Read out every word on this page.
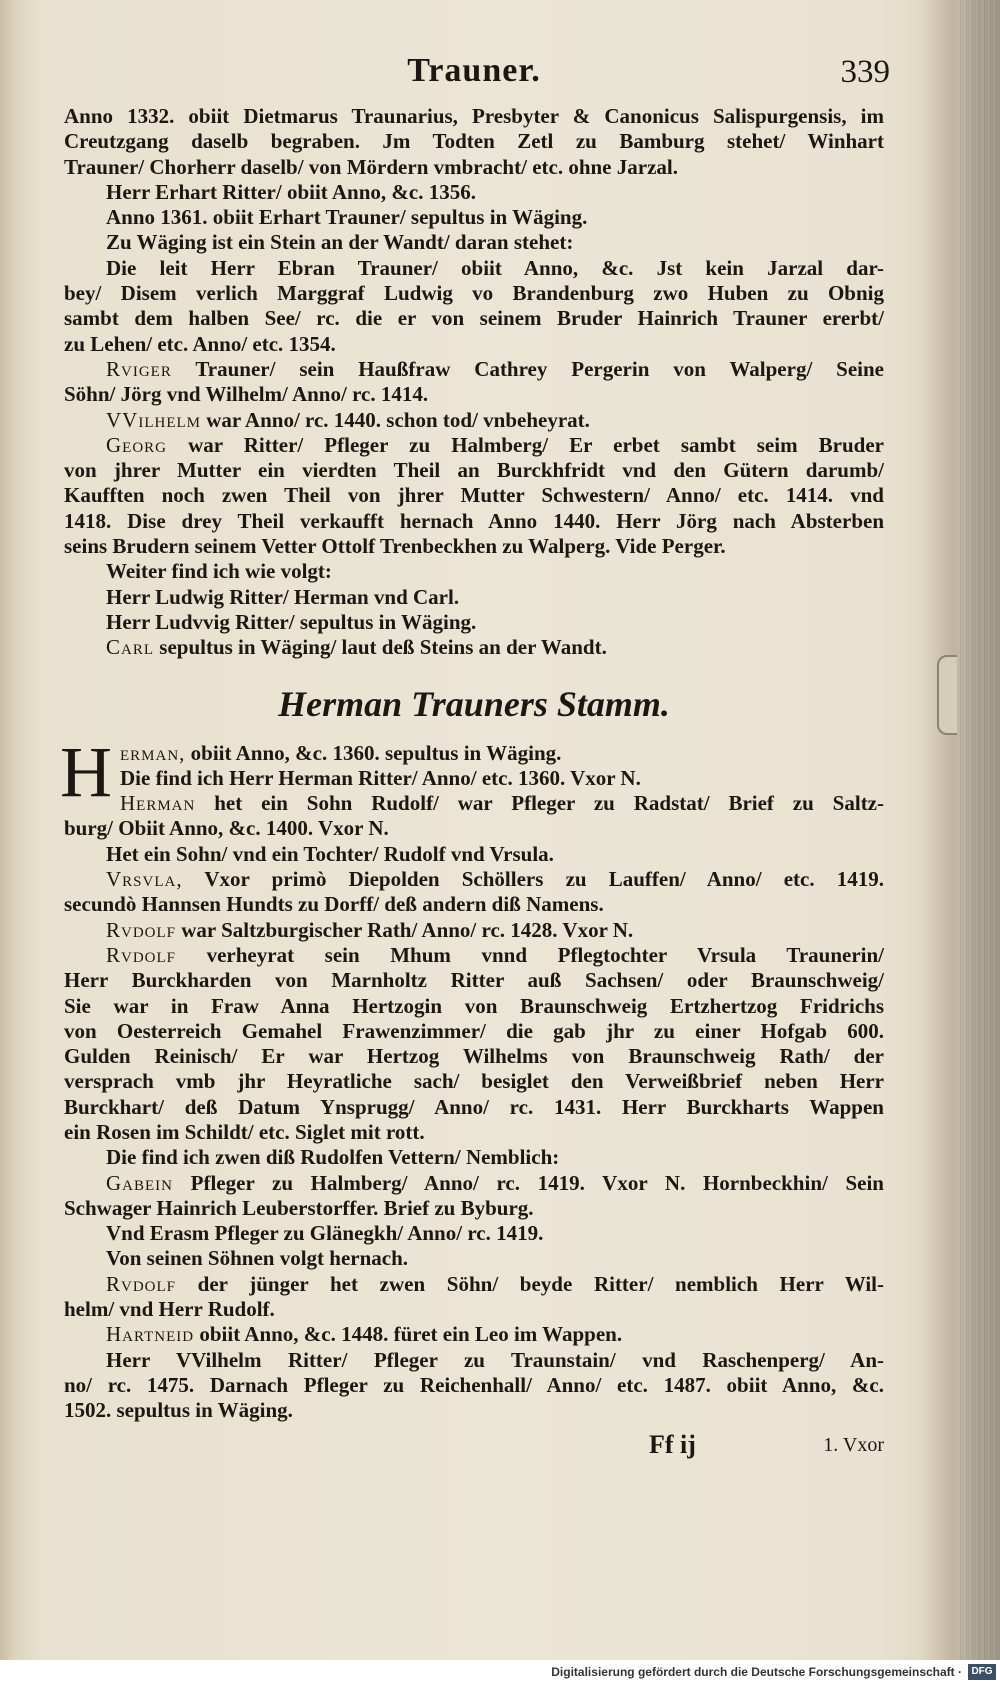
Trauner.	339

Anno 1332. obiit Dietmarus Traunarius, Presbyter & Canonicus Salispurgensis, im

Creutzgang daselb begraben. Jm Todten Zetl zu Bamburg stehet/ Winhart

Trauner/ Chorherr daselb/ von Mördern vmbracht/ etc. ohne Jarzal.

Herr Erhart Ritter/ obiit Anno, &c. 1356.

Anno 1361. obiit Erhart Trauner/ sepultus in Wäging.

Zu Wäging ist ein Stein an der Wandt/ daran stehet:

Die leit Herr Ebran Trauner/ obiit Anno, &c. Jst kein Jarzal dar-

bey/ Disem verlich Marggraf Ludwig vo Brandenburg zwo Huben zu Obnig

sambt dem halben See/ rc. die er von seinem Bruder Hainrich Trauner ererbt/

zu Lehen/ etc. Anno/ etc. 1354.

Rviger Trauner/ sein Haußfraw Cathrey Pergerin von Walperg/ Seine

Söhn/ Jörg vnd Wilhelm/ Anno/ rc. 1414.

VVilhelm war Anno/ rc. 1440. schon tod/ vnbeheyrat.

Georg war Ritter/ Pfleger zu Halmberg/ Er erbet sambt seim Bruder

von jhrer Mutter ein vierdten Theil an Burckhfridt vnd den Gütern darumb/

Kaufften noch zwen Theil von jhrer Mutter Schwestern/ Anno/ etc. 1414. vnd

1418. Dise drey Theil verkaufft hernach Anno 1440. Herr Jörg nach Absterben

seins Brudern seinem Vetter Ottolf Trenbeckhen zu Walperg. Vide Perger.

Weiter find ich wie volgt:

Herr Ludwig Ritter/ Herman vnd Carl.

Herr Ludvvig Ritter/ sepultus in Wäging.

Carl sepultus in Wäging/ laut deß Steins an der Wandt.

Herman Trauners Stamm.
H erman, obiit Anno, &c. 1360. sepultus in Wäging.

Die find ich Herr Herman Ritter/ Anno/ etc. 1360. Vxor N.

Herman het ein Sohn Rudolf/ war Pfleger zu Radstat/ Brief zu Saltz-

burg/ Obiit Anno, &c. 1400. Vxor N.

Het ein Sohn/ vnd ein Tochter/ Rudolf vnd Vrsula.

Vrsvla, Vxor primò Diepolden Schöllers zu Lauffen/ Anno/ etc. 1419.

secundò Hannsen Hundts zu Dorff/ deß andern diß Namens.

Rvdolf war Saltzburgischer Rath/ Anno/ rc. 1428. Vxor N.

Rvdolf verheyrat sein Mhum vnnd Pflegtochter Vrsula Traunerin/

Herr Burckharden von Marnholtz Ritter auß Sachsen/ oder Braunschweig/

Sie war in Fraw Anna Hertzogin von Braunschweig Ertzhertzog Fridrichs

von Oesterreich Gemahel Frawenzimmer/ die gab jhr zu einer Hofgab 600.

Gulden Reinisch/ Er war Hertzog Wilhelms von Braunschweig Rath/ der

versprach vmb jhr Heyratliche sach/ besiglet den Verweißbrief neben Herr

Burckhart/ deß Datum Ynsprugg/ Anno/ rc. 1431. Herr Burckharts Wappen

ein Rosen im Schildt/ etc. Siglet mit rott.

Die find ich zwen diß Rudolfen Vettern/ Nemblich:

Gabein Pfleger zu Halmberg/ Anno/ rc. 1419. Vxor N. Hornbeckhin/ Sein

Schwager Hainrich Leuberstorffer. Brief zu Byburg.

Vnd Erasm Pfleger zu Glänegkh/ Anno/ rc. 1419.

Von seinen Söhnen volgt hernach.

Rvdolf der jünger het zwen Söhn/ beyde Ritter/ nemblich Herr Wil-

helm/ vnd Herr Rudolf.

Hartneid obiit Anno, &c. 1448. füret ein Leo im Wappen.

Herr VVilhelm Ritter/ Pfleger zu Traunstain/ vnd Raschenperg/ An-

no/ rc. 1475. Darnach Pfleger zu Reichenhall/ Anno/ etc. 1487. obiit Anno, &c.

1502. sepultus in Wäging.

Ff ij	1. Vxor
Digitalisierung gefördert durch die Deutsche Forschungsgemeinschaft · DFG
